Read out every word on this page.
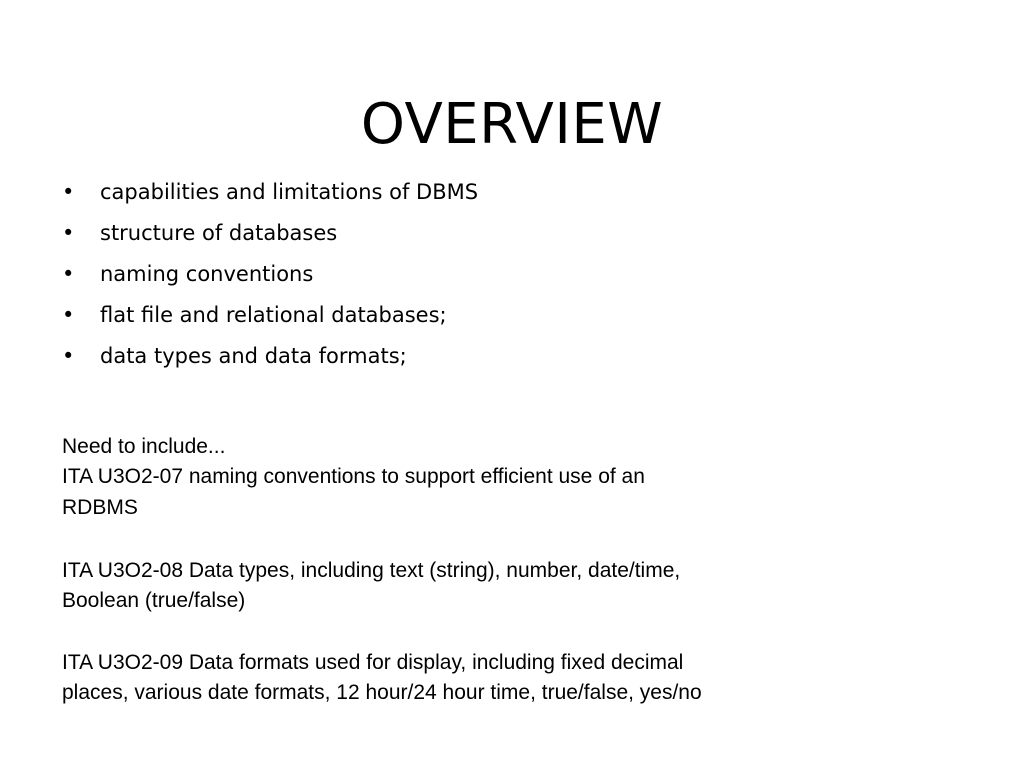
OVERVIEW
• capabilities and limitations of DBMS
• structure of databases
• naming conventions
• flat file and relational databases;
• data types and data formats;
Need to include...
ITA U3O2-07 naming conventions to support efficient use of an
RDBMS
ITA U3O2-08 Data types, including text (string), number, date/time,
Boolean (true/false)
ITA U3O2-09 Data formats used for display, including fixed decimal
places, various date formats, 12 hour/24 hour time, true/false, yes/no
